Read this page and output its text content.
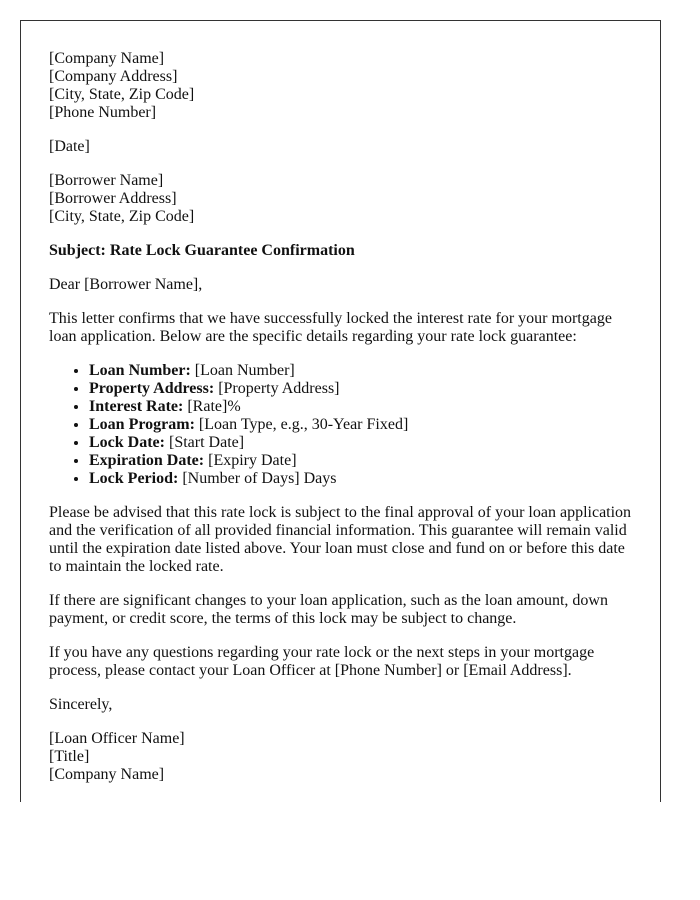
[Company Name]
[Company Address]
[City, State, Zip Code]
[Phone Number]

[Date]

[Borrower Name]
[Borrower Address]
[City, State, Zip Code]

Subject: Rate Lock Guarantee Confirmation

Dear [Borrower Name],

This letter confirms that we have successfully locked the interest rate for your mortgage loan application. Below are the specific details regarding your rate lock guarantee:

• Loan Number: [Loan Number]
• Property Address: [Property Address]
• Interest Rate: [Rate]%
• Loan Program: [Loan Type, e.g., 30-Year Fixed]
• Lock Date: [Start Date]
• Expiration Date: [Expiry Date]
• Lock Period: [Number of Days] Days

Please be advised that this rate lock is subject to the final approval of your loan application and the verification of all provided financial information. This guarantee will remain valid until the expiration date listed above. Your loan must close and fund on or before this date to maintain the locked rate.

If there are significant changes to your loan application, such as the loan amount, down payment, or credit score, the terms of this lock may be subject to change.

If you have any questions regarding your rate lock or the next steps in your mortgage process, please contact your Loan Officer at [Phone Number] or [Email Address].

Sincerely,

[Loan Officer Name]
[Title]
[Company Name]
